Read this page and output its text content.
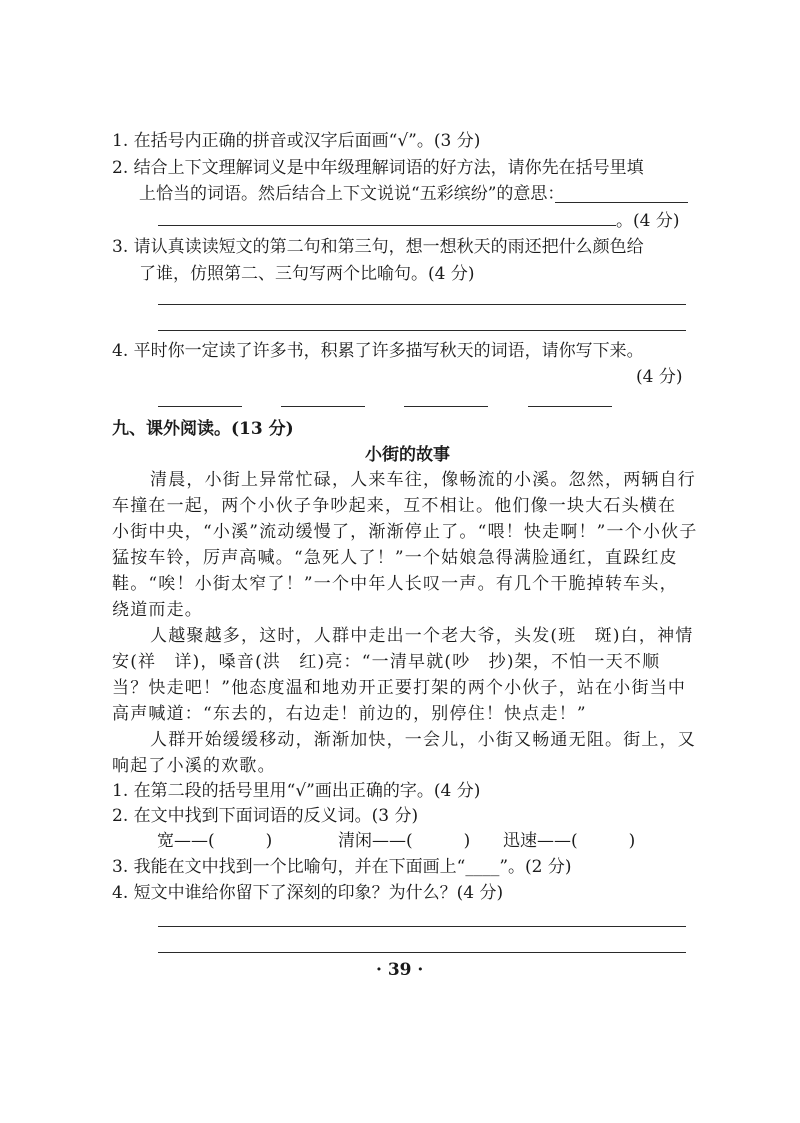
1. 在括号内正确的拼音或汉字后面画“√”。(3 分)
2. 结合上下文理解词义是中年级理解词语的好方法，请你先在括号里填
上恰当的词语。然后结合上下文说说“五彩缤纷”的意思：
。(4 分)
3. 请认真读读短文的第二句和第三句，想一想秋天的雨还把什么颜色给
了谁，仿照第二、三句写两个比喻句。(4 分)
4. 平时你一定读了许多书，积累了许多描写秋天的词语，请你写下来。
(4 分)
九、课外阅读。(13 分)
小街的故事
清晨，小街上异常忙碌，人来车往，像畅流的小溪。忽然，两辆自行
车撞在一起，两个小伙子争吵起来，互不相让。他们像一块大石头横在
小街中央，“小溪”流动缓慢了，渐渐停止了。“喂！快走啊！”一个小伙子
猛按车铃，厉声高喊。“急死人了！”一个姑娘急得满脸通红，直跺红皮
鞋。“唉！小街太窄了！”一个中年人长叹一声。有几个干脆掉转车头，
绕道而走。
人越聚越多，这时，人群中走出一个老大爷，头发(班　斑)白，神情
安(祥　详)，嗓音(洪　红)亮：“一清早就(吵　抄)架，不怕一天不顺
当？快走吧！”他态度温和地劝开正要打架的两个小伙子，站在小街当中
高声喊道：“东去的，右边走！前边的，别停住！快点走！”
人群开始缓缓移动，渐渐加快，一会儿，小街又畅通无阻。街上，又
响起了小溪的欢歌。
1. 在第二段的括号里用“√”画出正确的字。(4 分)
2. 在文中找到下面词语的反义词。(3 分)
宽——(　　　)	清闲——(　　　) 迅速——(　　　)
3. 我能在文中找到一个比喻句，并在下面画上“____”。(2 分)
4. 短文中谁给你留下了深刻的印象？为什么？(4 分)
· 39 ·
